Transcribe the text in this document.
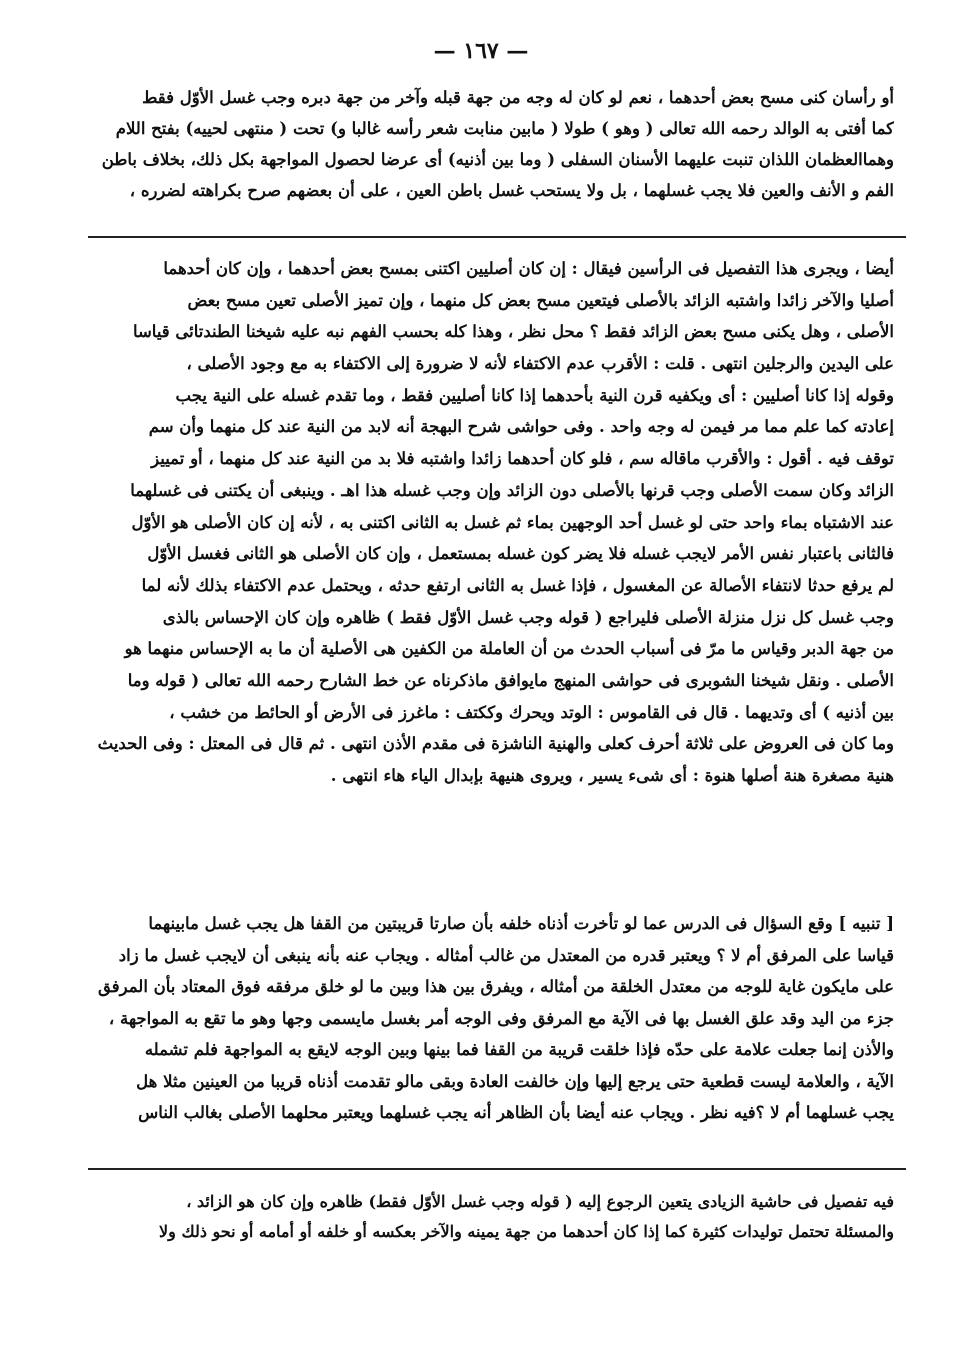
— ١٦٧ —
أو رأسان كنى مسح بعض أحدهما ، نعم لو كان له وجه من جهة قبله وآخر من جهة دبره وجب غسل الأوّل فقط
كما أفتى به الوالد رحمه الله تعالى ( وهو ) طولا ( مابين منابت شعر رأسه غالبا و) تحت ( منتهى لحييه) بفتح اللام
وهماالعظمان اللذان تنبت عليهما الأسنان السفلى ( وما بين أذنيه) أى عرضا لحصول المواجهة بكل ذلك، بخلاف باطن
الفم و الأنف والعين فلا يجب غسلهما ، بل ولا يستحب غسل باطن العين ، على أن بعضهم صرح بكراهته لضرره ،
أيضا ، ويجرى هذا التفصيل فى الرأسين فيقال : إن كان أصليين اكتنى بمسح بعض أحدهما ، وإن كان أحدهما
أصليا والآخر زائدا واشتبه الزائد بالأصلى فيتعين مسح بعض كل منهما ، وإن تميز الأصلى تعين مسح بعض
الأصلى ، وهل يكنى مسح بعض الزائد فقط ؟ محل نظر ، وهذا كله بحسب الفهم نبه عليه شيخنا الطندتائى قياسا
على اليدين والرجلين انتهى . قلت : الأقرب عدم الاكتفاء لأنه لا ضرورة إلى الاكتفاء به مع وجود الأصلى ،
وقوله إذا كانا أصليين : أى ويكفيه قرن النية بأحدهما إذا كانا أصليين فقط ، وما تقدم غسله على النية يجب
إعادته كما علم مما مر فيمن له وجه واحد . وفى حواشى شرح البهجة أنه لابد من النية عند كل منهما وأن سم
توقف فيه . أقول : والأقرب ماقاله سم ، فلو كان أحدهما زائدا واشتبه فلا بد من النية عند كل منهما ، أو تمييز
الزائد وكان سمت الأصلى وجب قرنها بالأصلى دون الزائد وإن وجب غسله هذا اهـ . وينبغى أن يكتنى فى غسلهما
عند الاشتباه بماء واحد حتى لو غسل أحد الوجهين بماء ثم غسل به الثانى اكتنى به ، لأنه إن كان الأصلى هو الأوّل
فالثانى باعتبار نفس الأمر لايجب غسله فلا يضر كون غسله بمستعمل ، وإن كان الأصلى هو الثانى فغسل الأوّل
لم يرفع حدثا لانتفاء الأصالة عن المغسول ، فإذا غسل به الثانى ارتفع حدثه ، ويحتمل عدم الاكتفاء بذلك لأنه لما
وجب غسل كل نزل منزلة الأصلى فليراجع ( قوله وجب غسل الأوّل فقط ) ظاهره وإن كان الإحساس بالذى
من جهة الدبر وقياس ما مرّ فى أسباب الحدث من أن العاملة من الكفين هى الأصلية أن ما به الإحساس منهما هو
الأصلى . ونقل شيخنا الشوبرى فى حواشى المنهج مايوافق ماذكرناه عن خط الشارح رحمه الله تعالى ( قوله وما
بين أذنيه ) أى وتديهما . قال فى القاموس : الوتد ويحرك وككتف : ماغرز فى الأرض أو الحائط من خشب ،
وما كان فى العروض على ثلاثة أحرف كعلى والهنية الناشزة فى مقدم الأذن انتهى . ثم قال فى المعتل : وفى الحديث
هنية مصغرة هنة أصلها هنوة : أى شىء يسير ، ويروى هنيهة بإبدال الياء هاء انتهى .
[ تنبيه ] وقع السؤال فى الدرس عما لو تأخرت أذناه خلفه بأن صارتا قريبتين من القفا هل يجب غسل مابينهما
قياسا على المرفق أم لا ؟ ويعتبر قدره من المعتدل من غالب أمثاله . ويجاب عنه بأنه ينبغى أن لايجب غسل ما زاد
على مايكون غاية للوجه من معتدل الخلقة من أمثاله ، ويفرق بين هذا وبين ما لو خلق مرفقه فوق المعتاد بأن المرفق
جزء من اليد وقد علق الغسل بها فى الآية مع المرفق وفى الوجه أمر بغسل مايسمى وجها وهو ما تقع به المواجهة ،
والأذن إنما جعلت علامة على حدّه فإذا خلقت قريبة من القفا فما بينها وبين الوجه لايقع به المواجهة فلم تشمله
الآية ، والعلامة ليست قطعية حتى يرجع إليها وإن خالفت العادة وبقى مالو تقدمت أذناه قريبا من العينين مثلا هل
يجب غسلهما أم لا ؟فيه نظر . ويجاب عنه أيضا بأن الظاهر أنه يجب غسلهما ويعتبر محلهما الأصلى بغالب الناس
فيه تفصيل فى حاشية الزيادى يتعين الرجوع إليه ( قوله وجب غسل الأوّل فقط) ظاهره وإن كان هو الزائد ،
والمسئلة تحتمل توليدات كثيرة كما إذا كان أحدهما من جهة يمينه والآخر بعكسه أو خلفه أو أمامه أو نحو ذلك ولا
